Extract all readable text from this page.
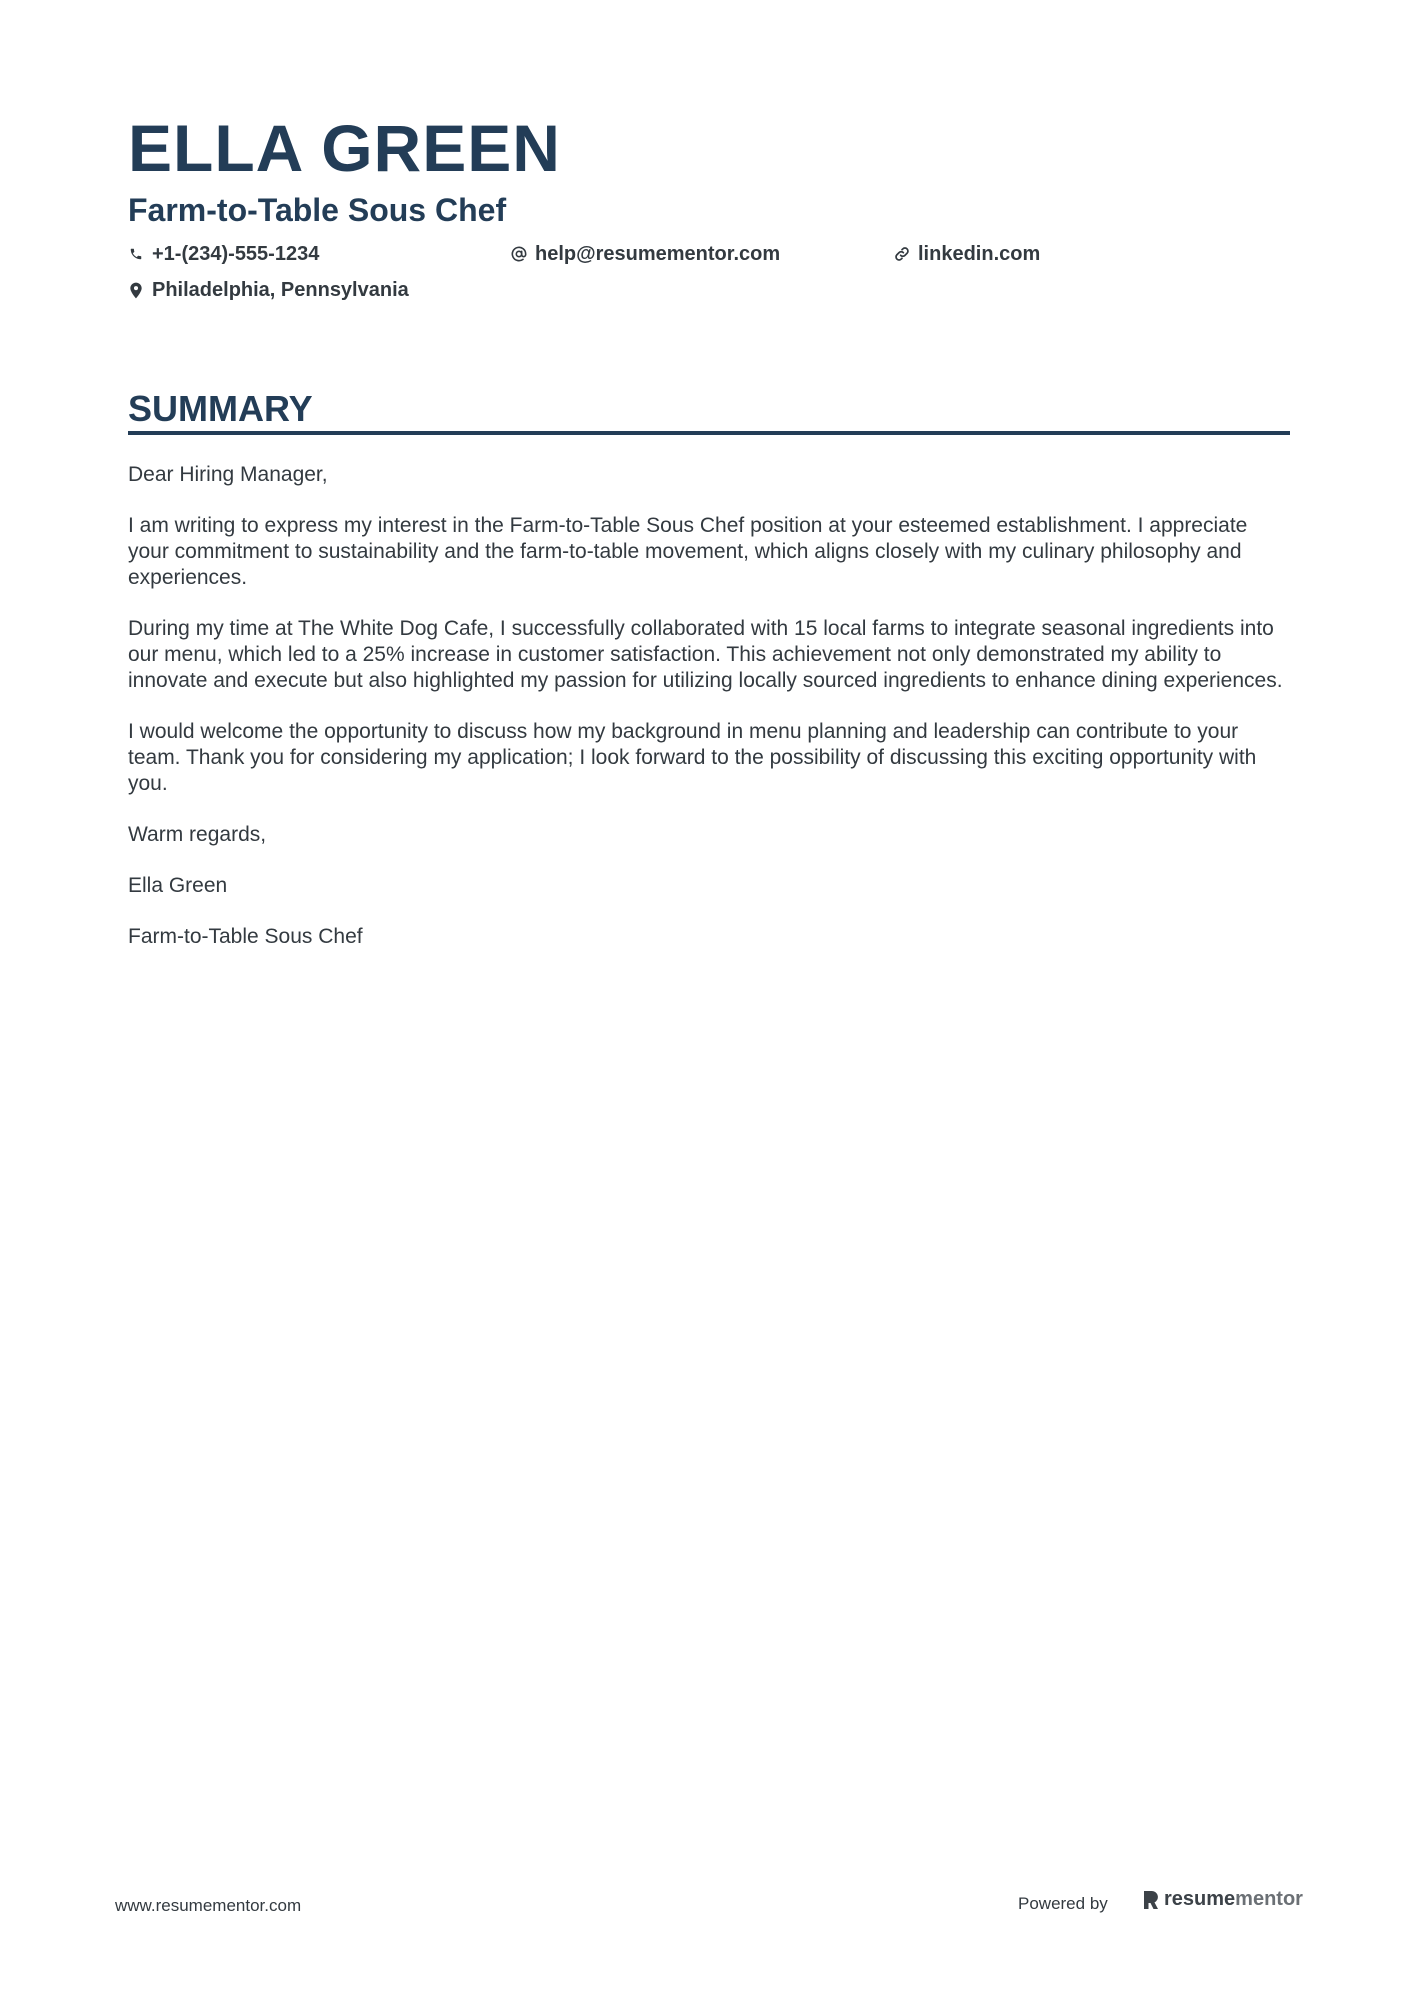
ELLA GREEN
Farm-to-Table Sous Chef
+1-(234)-555-1234	help@resumementor.com	linkedin.com
Philadelphia, Pennsylvania
SUMMARY

Dear Hiring Manager,

I am writing to express my interest in the Farm-to-Table Sous Chef position at your esteemed establishment. I appreciate your commitment to sustainability and the farm-to-table movement, which aligns closely with my culinary philosophy and experiences.

During my time at The White Dog Cafe, I successfully collaborated with 15 local farms to integrate seasonal ingredients into our menu, which led to a 25% increase in customer satisfaction. This achievement not only demonstrated my ability to innovate and execute but also highlighted my passion for utilizing locally sourced ingredients to enhance dining experiences.

I would welcome the opportunity to discuss how my background in menu planning and leadership can contribute to your team. Thank you for considering my application; I look forward to the possibility of discussing this exciting opportunity with you.

Warm regards,

Ella Green

Farm-to-Table Sous Chef

www.resumementor.com	Powered by	resume mentor
